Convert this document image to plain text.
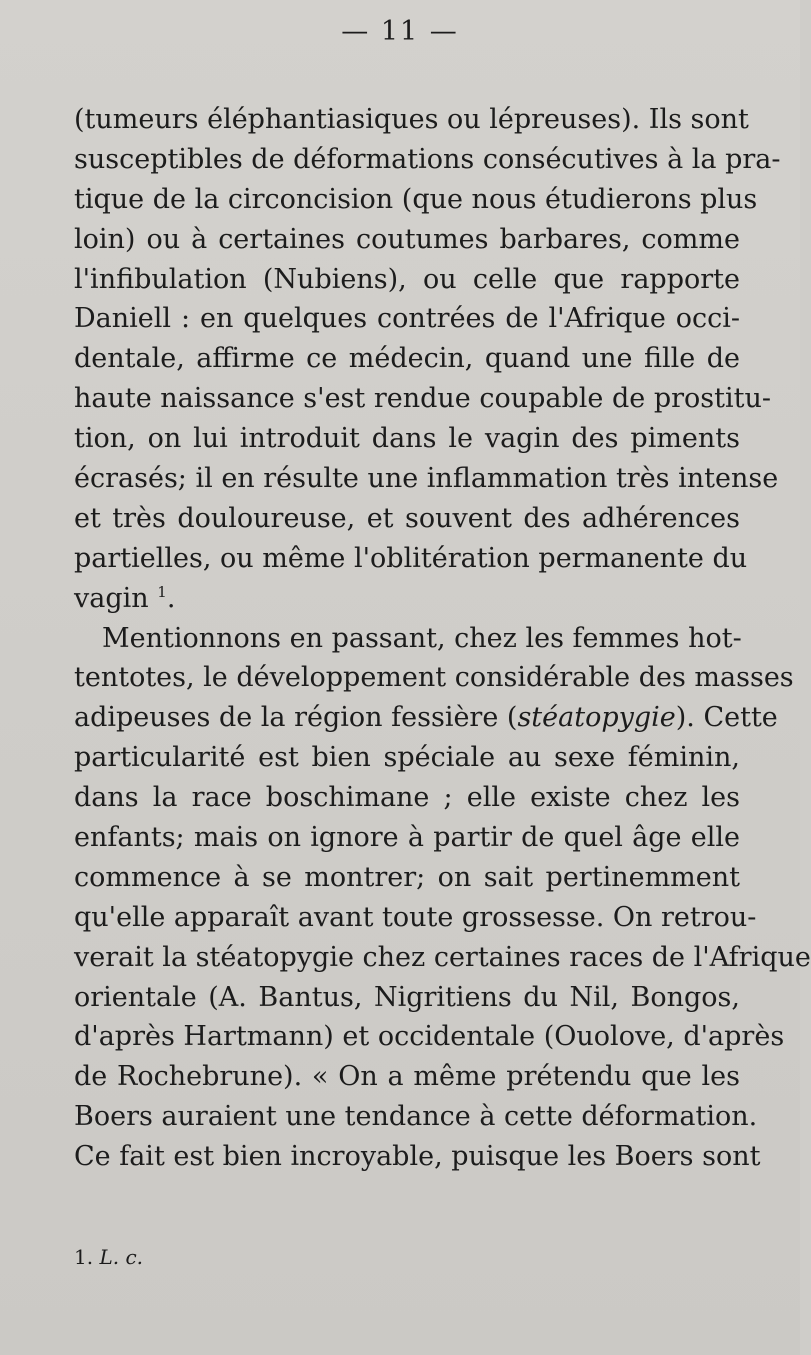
— 11 —
(tumeurs éléphantiasiques ou lépreuses). Ils sont
susceptibles de déformations consécutives à la pra-
tique de la circoncision (que nous étudierons plus
loin) ou à certaines coutumes barbares, comme
l'infibulation (Nubiens), ou celle que rapporte
Daniell : en quelques contrées de l'Afrique occi-
dentale, affirme ce médecin, quand une fille de
haute naissance s'est rendue coupable de prostitu-
tion, on lui introduit dans le vagin des piments
écrasés; il en résulte une inflammation très intense
et très douloureuse, et souvent des adhérences
partielles, ou même l'oblitération permanente du
vagin $^1$.
Mentionnons en passant, chez les femmes hot-
tentotes, le développement considérable des masses
adipeuses de la région fessière (stéatopygie). Cette
particularité est bien spéciale au sexe féminin,
dans la race boschimane ; elle existe chez les
enfants; mais on ignore à partir de quel âge elle
commence à se montrer; on sait pertinemment
qu'elle apparaît avant toute grossesse. On retrou-
verait la stéatopygie chez certaines races de l'Afrique
orientale (A. Bantus, Nigritiens du Nil, Bongos,
d'après Hartmann) et occidentale (Ouolove, d'après
de Rochebrune). « On a même prétendu que les
Boers auraient une tendance à cette déformation.
Ce fait est bien incroyable, puisque les Boers sont
1. L. c.
